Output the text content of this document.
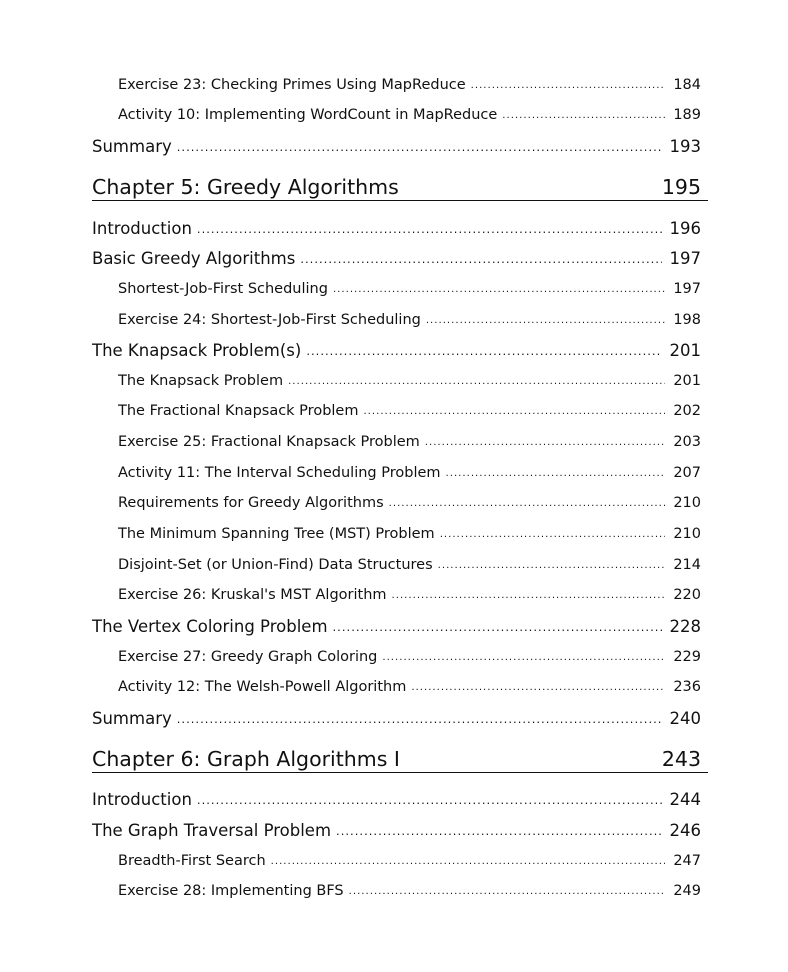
Exercise 23: Checking Primes Using MapReduce .....	184
Activity 10: Implementing WordCount in MapReduce .....	189
Summary .....	193
Chapter 5: Greedy Algorithms	195
Introduction .....	196
Basic Greedy Algorithms .....	197
Shortest-Job-First Scheduling .....	197
Exercise 24: Shortest-Job-First Scheduling .....	198
The Knapsack Problem(s) .....	201
The Knapsack Problem .....	201
The Fractional Knapsack Problem .....	202
Exercise 25: Fractional Knapsack Problem .....	203
Activity 11: The Interval Scheduling Problem .....	207
Requirements for Greedy Algorithms .....	210
The Minimum Spanning Tree (MST) Problem .....	210
Disjoint-Set (or Union-Find) Data Structures .....	214
Exercise 26: Kruskal's MST Algorithm .....	220
The Vertex Coloring Problem .....	228
Exercise 27: Greedy Graph Coloring .....	229
Activity 12: The Welsh-Powell Algorithm .....	236
Summary .....	240
Chapter 6: Graph Algorithms I	243
Introduction .....	244
The Graph Traversal Problem .....	246
Breadth-First Search .....	247
Exercise 28: Implementing BFS .....	249
